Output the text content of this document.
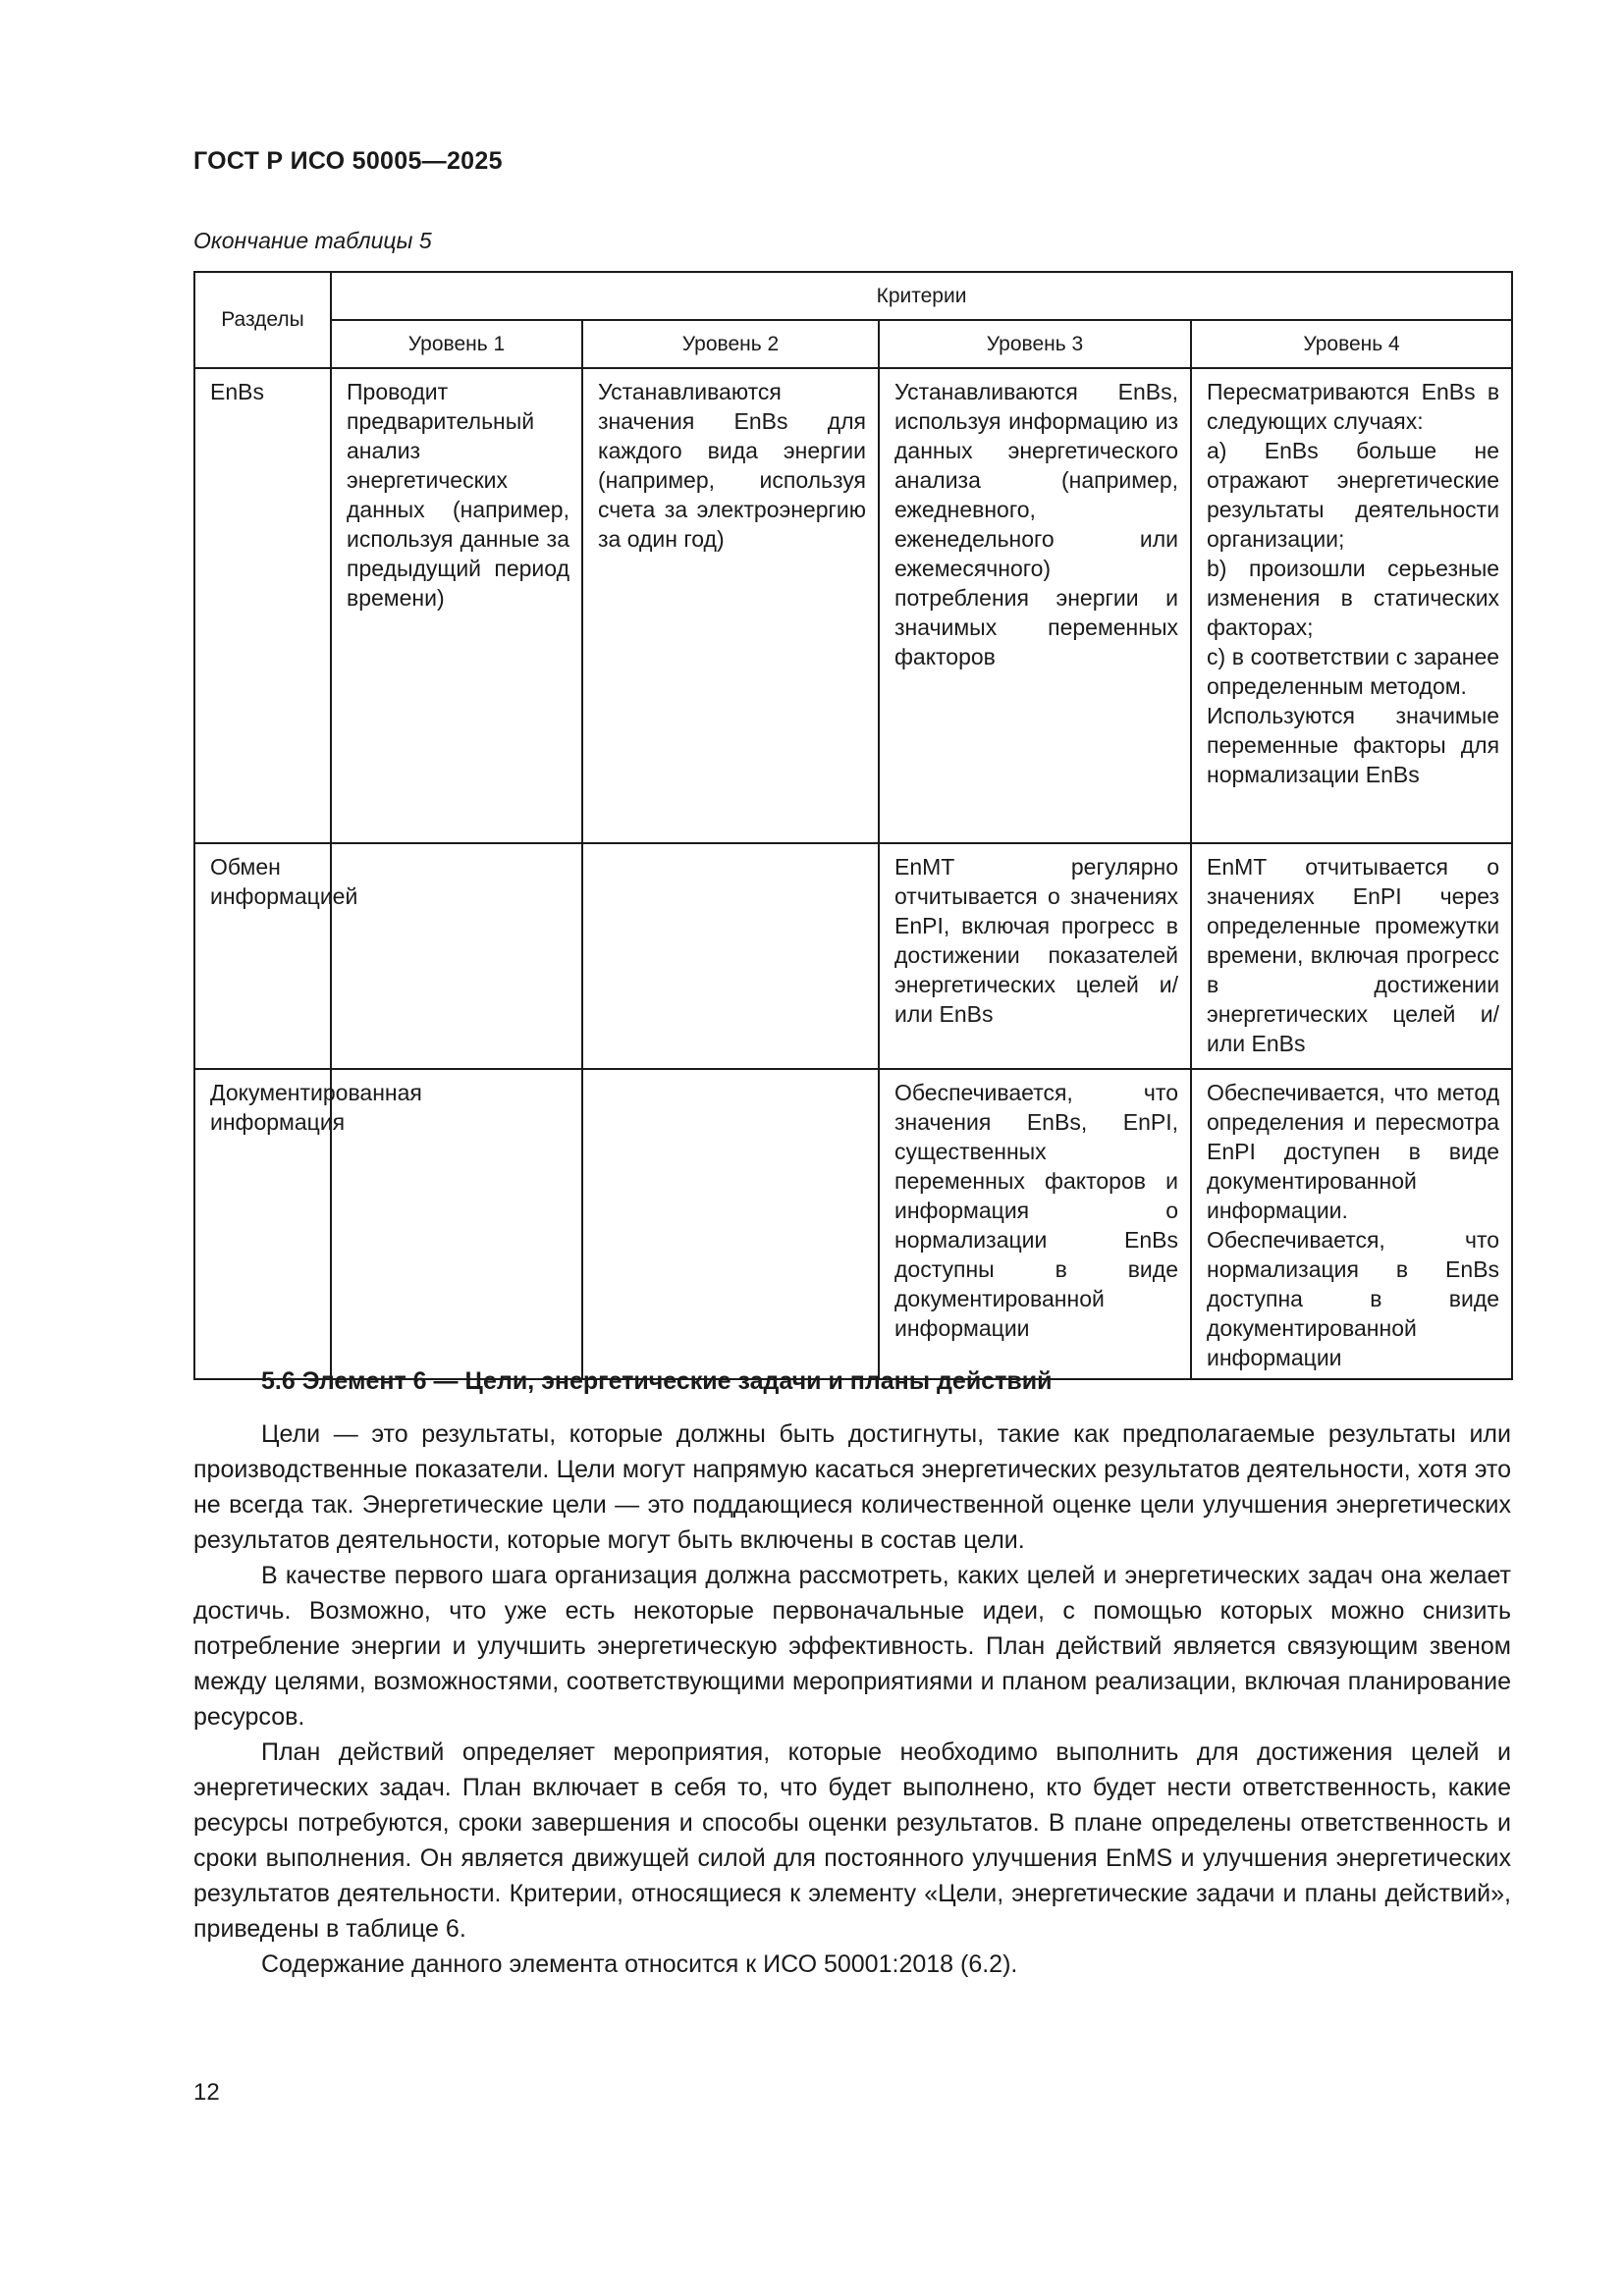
ГОСТ Р ИСО 50005—2025
Окончание таблицы 5
Разделы	Критерии			
	Уровень 1	Уровень 2	Уровень 3	Уровень 4
EnBs	Проводит предварительный анализ энергетических данных (например, используя данные за предыдущий период времени)	Устанавливаются значения EnBs для каждого вида энергии (например, используя счета за электроэнергию за один год)	Устанавливаются EnBs, используя информацию из данных энергетического анализа (например, ежедневного, еженедельного или ежемесячного) потребления энергии и значимых переменных факторов	Пересматриваются EnBs в следующих случаях:
а) EnBs больше не отражают энергетические результаты деятельности организации;
b) произошли серьезные изменения в статических факторах;
с) в соответствии с заранее определенным методом.
Используются значимые переменные факторы для нормализации EnBs

Обмен информацией			EnMT регулярно отчитывается о значениях EnPI, включая прогресс в достижении показателей энергетических целей и/или EnBs	EnMT отчитывается о значениях EnPI через определенные промежутки времени, включая прогресс в достижении энергетических целей и/или EnBs

Документированная информация			Обеспечивается, что значения EnBs, EnPI, существенных переменных факторов и информация о нормализации EnBs доступны в виде документированной информации	Обеспечивается, что метод определения и пересмотра EnPI доступен в виде документированной информации.
Обеспечивается, что нормализация в EnBs доступна в виде документированной информации
5.6 Элемент 6 — Цели, энергетические задачи и планы действий

Цели — это результаты, которые должны быть достигнуты, такие как предполагаемые результаты или производственные показатели. Цели могут напрямую касаться энергетических результатов деятельности, хотя это не всегда так. Энергетические цели — это поддающиеся количественной оценке цели улучшения энергетических результатов деятельности, которые могут быть включены в состав цели.

В качестве первого шага организация должна рассмотреть, каких целей и энергетических задач она желает достичь. Возможно, что уже есть некоторые первоначальные идеи, с помощью которых можно снизить потребление энергии и улучшить энергетическую эффективность. План действий является связующим звеном между целями, возможностями, соответствующими мероприятиями и планом реализации, включая планирование ресурсов.

План действий определяет мероприятия, которые необходимо выполнить для достижения целей и энергетических задач. План включает в себя то, что будет выполнено, кто будет нести ответственность, какие ресурсы потребуются, сроки завершения и способы оценки результатов. В плане определены ответственность и сроки выполнения. Он является движущей силой для постоянного улучшения EnMS и улучшения энергетических результатов деятельности. Критерии, относящиеся к элементу «Цели, энергетические задачи и планы действий», приведены в таблице 6.

Содержание данного элемента относится к ИСО 50001:2018 (6.2).

12
